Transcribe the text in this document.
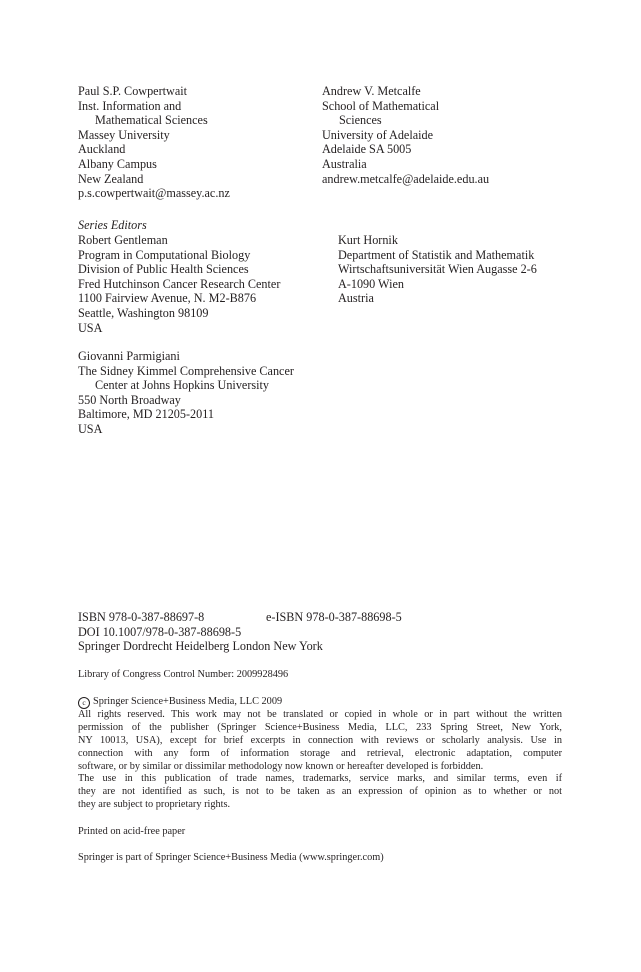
Paul S.P. Cowpertwait
Inst. Information and
Mathematical Sciences
Massey University
Auckland
Albany Campus
New Zealand
p.s.cowpertwait@massey.ac.nz
Andrew V. Metcalfe
School of Mathematical
Sciences
University of Adelaide
Adelaide SA 5005
Australia
andrew.metcalfe@adelaide.edu.au
Series Editors
Robert Gentleman
Program in Computational Biology
Division of Public Health Sciences
Fred Hutchinson Cancer Research Center
1100 Fairview Avenue, N. M2-B876
Seattle, Washington 98109
USA
Kurt Hornik
Department of Statistik and Mathematik
Wirtschaftsuniversität Wien Augasse 2-6
A-1090 Wien
Austria
Giovanni Parmigiani
The Sidney Kimmel Comprehensive Cancer
Center at Johns Hopkins University
550 North Broadway
Baltimore, MD 21205-2011
USA
ISBN 978-0-387-88697-8	e-ISBN 978-0-387-88698-5
DOI 10.1007/978-0-387-88698-5
Springer Dordrecht Heidelberg London New York
Library of Congress Control Number: 2009928496
c Springer Science+Business Media, LLC 2009
All rights reserved. This work may not be translated or copied in whole or in part without the written
permission of the publisher (Springer Science+Business Media, LLC, 233 Spring Street, New York,
NY 10013, USA), except for brief excerpts in connection with reviews or scholarly analysis. Use in
connection with any form of information storage and retrieval, electronic adaptation, computer
software, or by similar or dissimilar methodology now known or hereafter developed is forbidden.
The use in this publication of trade names, trademarks, service marks, and similar terms, even if
they are not identified as such, is not to be taken as an expression of opinion as to whether or not
they are subject to proprietary rights.
Printed on acid-free paper
Springer is part of Springer Science+Business Media (www.springer.com)
